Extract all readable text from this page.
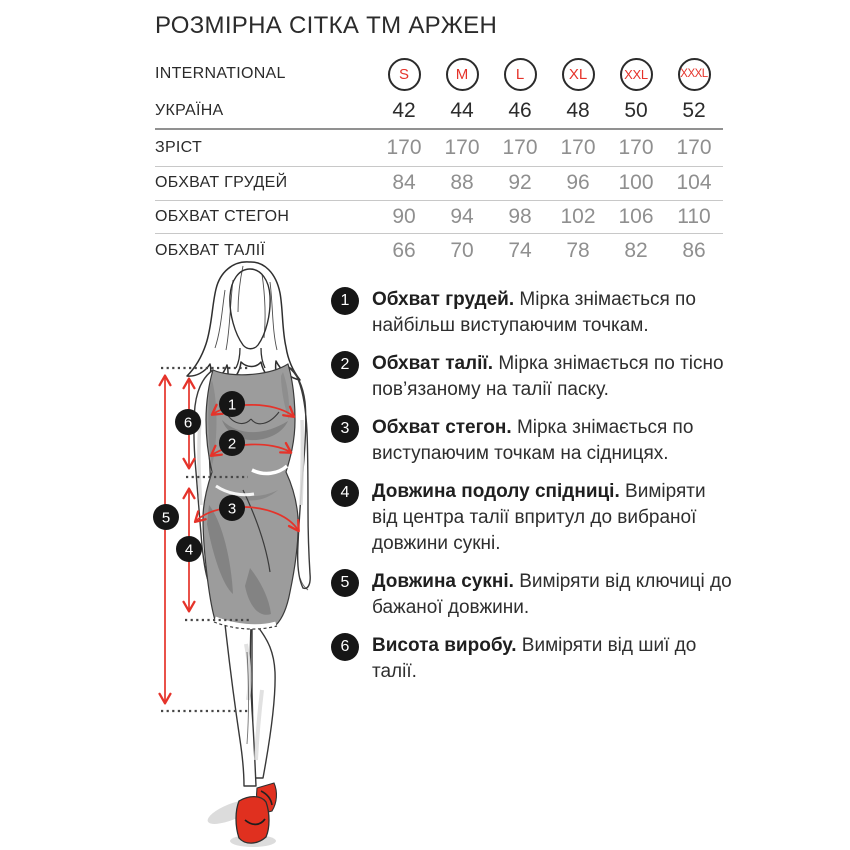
РОЗМІРНА СІТКА ТМ АРЖЕН
INTERNATIONAL	S	M	L	XL	XXL	XXXL
УКРАЇНА	42	44	46	48	50	52
ЗРІСТ	170	170	170	170	170	170
ОБХВАТ ГРУДЕЙ	84	88	92	96	100	104
ОБХВАТ СТЕГОН	90	94	98	102	106	110
ОБХВАТ ТАЛІЇ	66	70	74	78	82	86
1
2
3
6
5
4
1	Обхват грудей. Мірка знімається по найбільш виступаючим точкам.

2	Обхват талії. Мірка знімається по тісно пов’язаному на талії паску.

3	Обхват стегон. Мірка знімається по виступаючим точкам на сідницях.

4	Довжина подолу спідниці. Виміряти від центра талії впритул до вибраної довжини сукні.

5	Довжина сукні. Виміряти від ключиці до бажаної довжини.

6	Висота виробу. Виміряти від шиї до талії.
